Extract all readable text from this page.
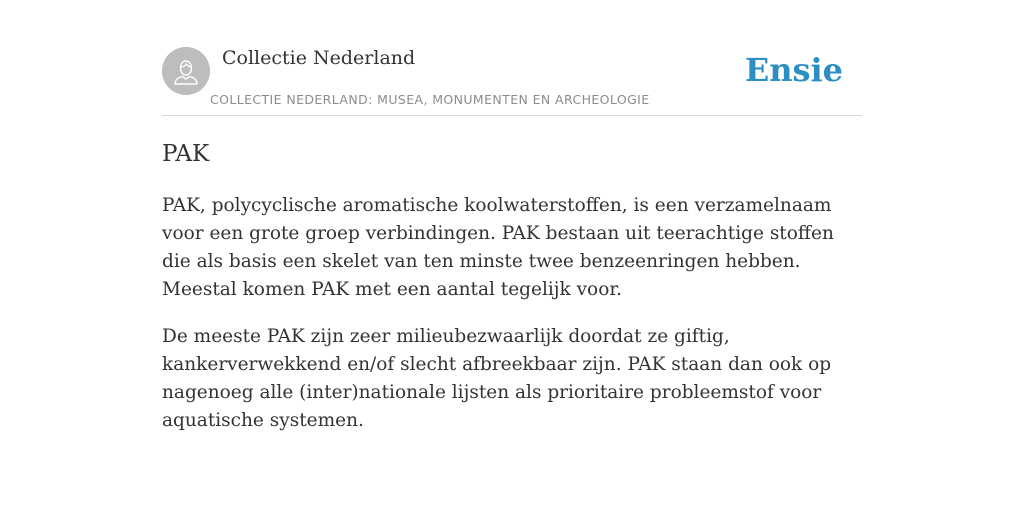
Collectie Nederland
COLLECTIE NEDERLAND: MUSEA, MONUMENTEN EN ARCHEOLOGIE
Ensie
PAK

PAK, polycyclische aromatische koolwaterstoffen, is een verzamelnaam voor een grote groep verbindingen. PAK bestaan uit teerachtige stoffen die als basis een skelet van ten minste twee benzeenringen hebben. Meestal komen PAK met een aantal tegelijk voor.

De meeste PAK zijn zeer milieubezwaarlijk doordat ze giftig, kankerverwekkend en/of slecht afbreekbaar zijn. PAK staan dan ook op nagenoeg alle (inter)nationale lijsten als prioritaire probleemstof voor aquatische systemen.
